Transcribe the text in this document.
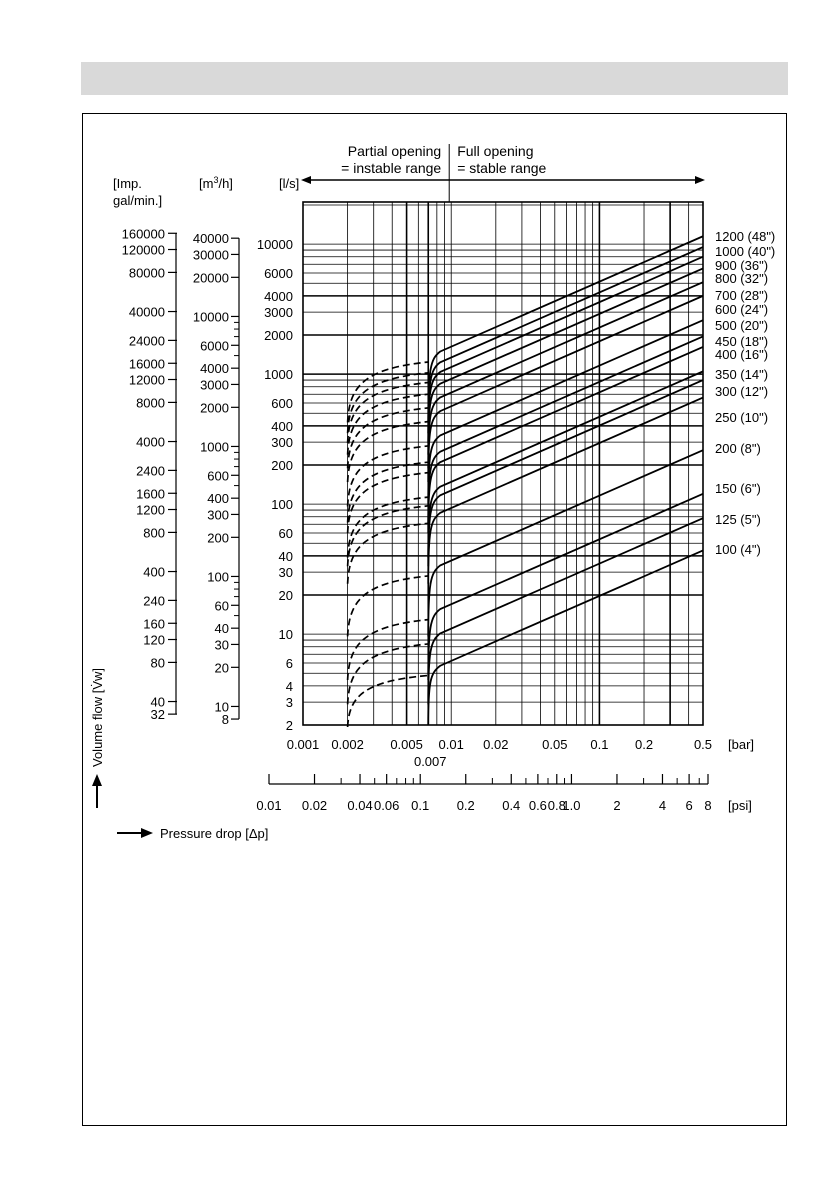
Partial opening
= instable range
Full opening
= stable range
100 (4")
125 (5")
150 (6")
200 (8")
250 (10")
300 (12")
350 (14")
400 (16")
450 (18")
500 (20")
600 (24")
700 (28")
800 (32")
900 (36")
1000 (40")
1200 (48")
2
3
4
6
10
20
30
40
60
100
200
300
400
600
1000
2000
3000
4000
6000
10000
[l/s]
8
10
20
30
40
60
100
200
300
400
600
1000
2000
3000
4000
6000
10000
20000
30000
40000
$[m^3/h]$
32
40
80
120
160
240
400
800
1200
1600
2400
4000
8000
12000
16000
24000
40000
80000
120000
160000
[Imp.
gal/min.]
0.001 0.002 0.005 0.01 0.02	0.05 0.1 0.2	0.5
0.007
[bar]
0.01 0.02 0.04 0.06 0.1 0.2 0.4 0.6 0.8
1.0	2	4 6 8 [psi]
Volume flow [V̇w]
Pressure drop [Δp]
